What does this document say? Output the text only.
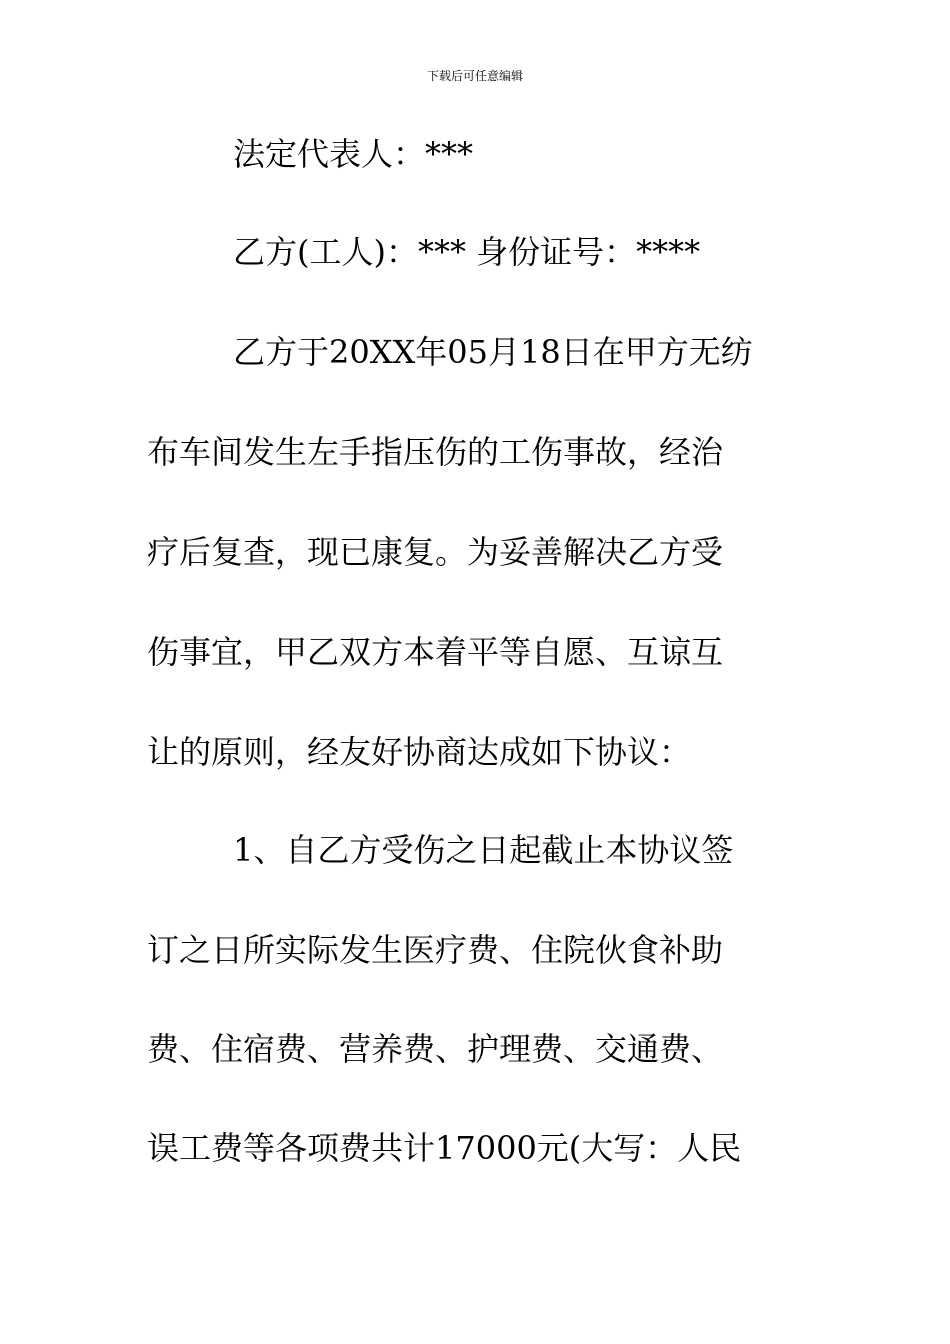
下载后可任意编辑
法定代表人：***
乙方(工人)：*** 身份证号：****
乙方于20XX年05月18日在甲方无纺
布车间发生左手指压伤的工伤事故，经治
疗后复查，现已康复。为妥善解决乙方受
伤事宜，甲乙双方本着平等自愿、互谅互
让的原则，经友好协商达成如下协议：
1、自乙方受伤之日起截止本协议签
订之日所实际发生医疗费、住院伙食补助
费、住宿费、营养费、护理费、交通费、
误工费等各项费共计17000元(大写：人民
